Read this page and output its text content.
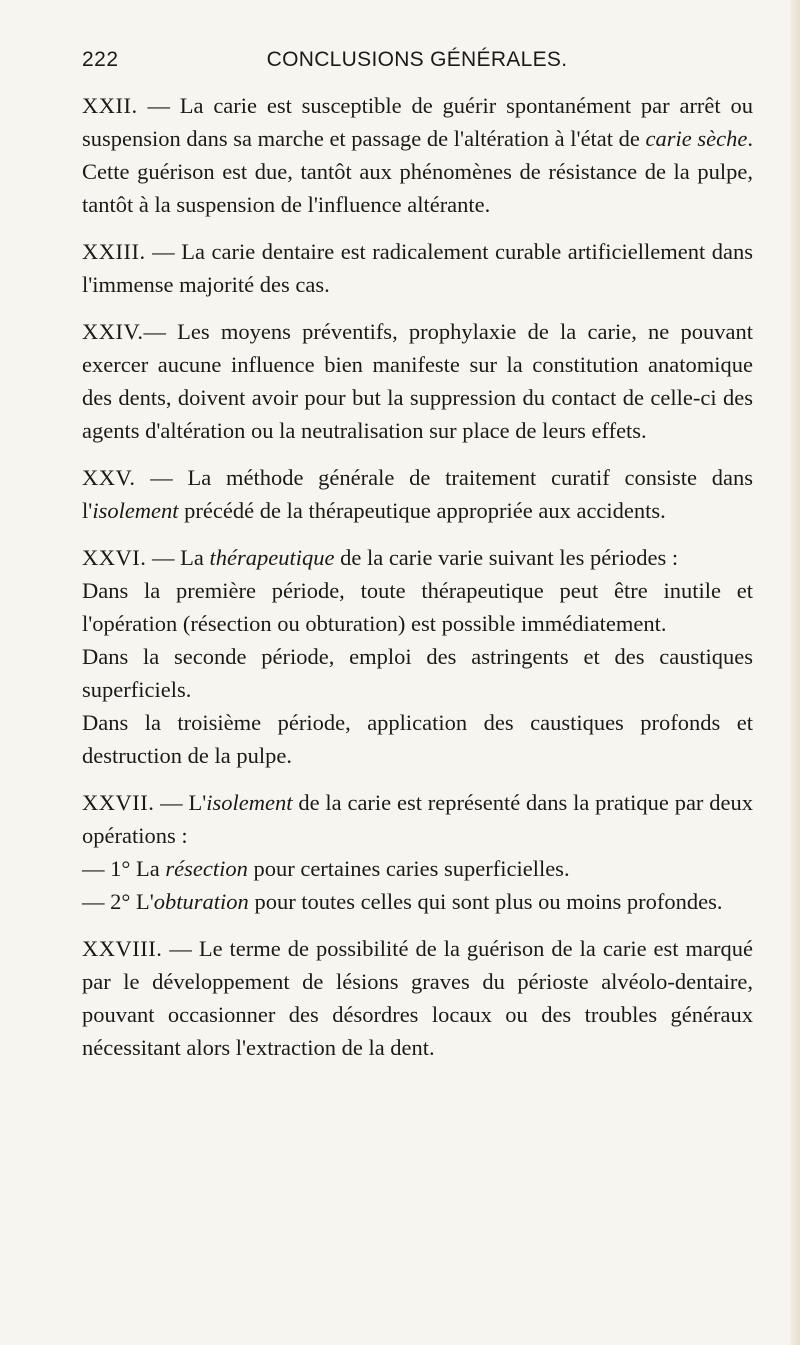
222	CONCLUSIONS GÉNÉRALES.

XXII. — La carie est susceptible de guérir spontanément par arrêt ou suspension dans sa marche et passage de l'altération à l'état de carie sèche. Cette guérison est due, tantôt aux phénomènes de résistance de la pulpe, tantôt à la suspension de l'influence altérante.

XXIII. — La carie dentaire est radicalement curable artificiellement dans l'immense majorité des cas.

XXIV.— Les moyens préventifs, prophylaxie de la carie, ne pouvant exercer aucune influence bien manifeste sur la constitution anatomique des dents, doivent avoir pour but la suppression du contact de celle-ci des agents d'altération ou la neutralisation sur place de leurs effets.

XXV. — La méthode générale de traitement curatif consiste dans l'isolement précédé de la thérapeutique appropriée aux accidents.

XXVI. — La thérapeutique de la carie varie suivant les périodes :

Dans la première période, toute thérapeutique peut être inutile et l'opération (résection ou obturation) est possible immédiatement.

Dans la seconde période, emploi des astringents et des caustiques superficiels.

Dans la troisième période, application des caustiques profonds et destruction de la pulpe.

XXVII. — L'isolement de la carie est représenté dans la pratique par deux opérations :

— 1° La résection pour certaines caries superficielles.

— 2° L'obturation pour toutes celles qui sont plus ou moins profondes.

XXVIII. — Le terme de possibilité de la guérison de la carie est marqué par le développement de lésions graves du périoste alvéolo-dentaire, pouvant occasionner des désordres locaux ou des troubles généraux nécessitant alors l'extraction de la dent.
